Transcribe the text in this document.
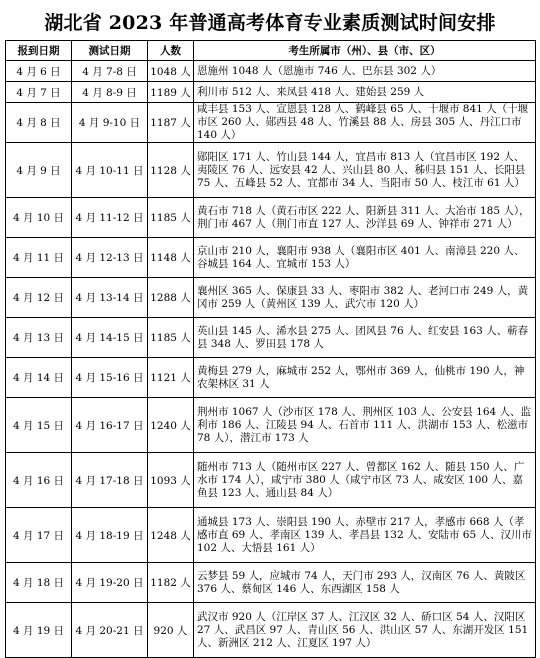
湖北省 2023 年普通高考体育专业素质测试时间安排
报到日期	测试日期	人数	考生所属市（州）、县（市、区）
4 月 6 日	4 月 7-8 日	1048 人	恩施州 1048 人（恩施市 746 人、巴东县 302 人）
4 月 7 日	4 月 8-9 日	1189 人	利川市 512 人、来凤县 418 人、建始县 259 人
4 月 8 日	4 月 9-10 日	1187 人	咸丰县 153 人、宣恩县 128 人、鹤峰县 65 人、十堰市 841 人（十堰市区 260 人、郧西县 48 人、竹溪县 88 人、房县 305 人、丹江口市 140 人）
4 月 9 日	4 月 10-11 日	1128 人	郧阳区 171 人、竹山县 144 人，宜昌市 813 人（宜昌市区 192 人、夷陵区 76 人、远安县 42 人、兴山县 80 人、秭归县 151 人、长阳县 75 人、五峰县 52 人、宜都市 34 人、当阳市 50 人、枝江市 61 人）
4 月 10 日	4 月 11-12 日	1185 人	黄石市 718 人（黄石市区 222 人、阳新县 311 人、大冶市 185 人），荆门市 467 人（荆门市直 127 人、沙洋县 69 人、钟祥市 271 人）
4 月 11 日	4 月 12-13 日	1148 人	京山市 210 人，襄阳市 938 人（襄阳市区 401 人、南漳县 220 人、谷城县 164 人、宜城市 153 人）
4 月 12 日	4 月 13-14 日	1288 人	襄州区 365 人、保康县 33 人、枣阳市 382 人、老河口市 249 人，黄冈市 259 人（黄州区 139 人、武穴市 120 人）
4 月 13 日	4 月 14-15 日	1185 人	英山县 145 人、浠水县 275 人、团风县 76 人、红安县 163 人、蕲春县 348 人、罗田县 178 人
4 月 14 日	4 月 15-16 日	1121 人	黄梅县 279 人，麻城市 252 人，鄂州市 369 人，仙桃市 190 人，神农架林区 31 人
4 月 15 日	4 月 16-17 日	1240 人	荆州市 1067 人（沙市区 178 人、荆州区 103 人、公安县 164 人、监利市 186 人、江陵县 94 人、石首市 111 人、洪湖市 153 人、松滋市 78 人），潜江市 173 人
4 月 16 日	4 月 17-18 日	1093 人	随州市 713 人（随州市区 227 人、曾都区 162 人、随县 150 人、广水市 174 人），咸宁市 380 人（咸宁市区 73 人、咸安区 100 人、嘉鱼县 123 人、通山县 84 人）
4 月 17 日	4 月 18-19 日	1248 人	通城县 173 人、崇阳县 190 人、赤壁市 217 人，孝感市 668 人（孝感市直 69 人、孝南区 139 人、孝昌县 132 人、安陆市 65 人、汉川市 102 人、大悟县 161 人）
4 月 18 日	4 月 19-20 日	1182 人	云梦县 59 人，应城市 74 人，天门市 293 人，汉南区 76 人、黄陂区 376 人、蔡甸区 146 人、东西湖区 158 人
4 月 19 日	4 月 20-21 日	920 人	武汉市 920 人（江岸区 37 人、江汉区 32 人、硚口区 54 人、汉阳区 27 人、武昌区 97 人、青山区 56 人、洪山区 57 人、东湖开发区 151 人、新洲区 212 人、江夏区 197 人）
